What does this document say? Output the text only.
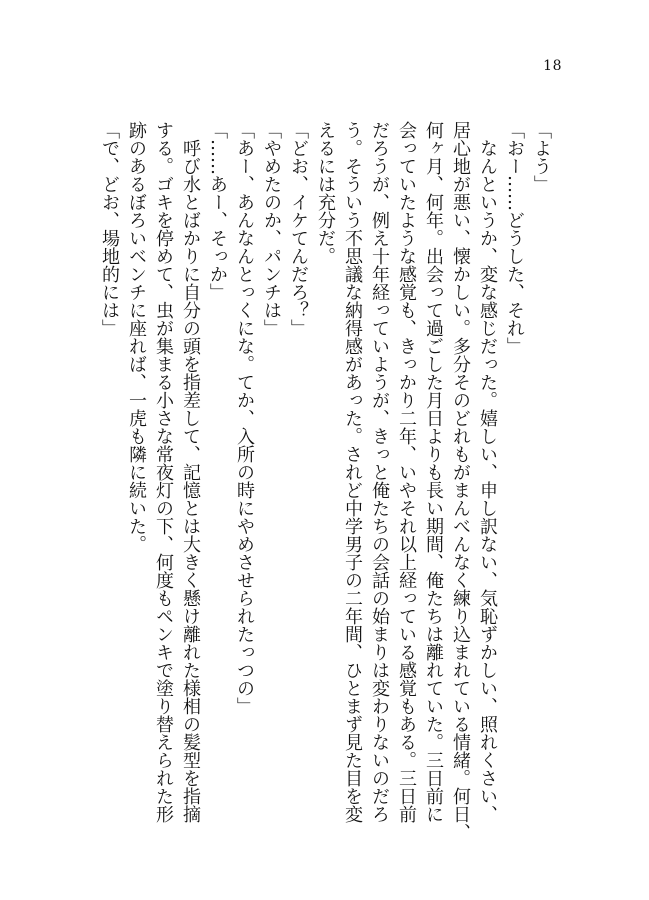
18
「よう」
「おー……どうした、それ」
なんというか、変な感じだった。嬉しい、申し訳ない、気恥ずかしい、照れくさい、
居心地が悪い、懐かしい。多分そのどれもがまんべんなく練り込まれている情緒。何日、
何ヶ月、何年。出会って過ごした月日よりも長い期間、俺たちは離れていた。三日前に
会っていたような感覚も、きっかり二年、いやそれ以上経っている感覚もある。三日前
だろうが、例え十年経っていようが、きっと俺たちの会話の始まりは変わりないのだろ
う。そういう不思議な納得感があった。されど中学男子の二年間、ひとまず見た目を変
えるには充分だ。
「どお、イケてんだろ？」
「やめたのか、パンチは」
「あー、あんなんとっくにな。てか、入所の時にやめさせられたっつの」
「……あー、そっか」
呼び水とばかりに自分の頭を指差して、記憶とは大きく懸け離れた様相の髪型を指摘
する。ゴキを停めて、虫が集まる小さな常夜灯の下、何度もペンキで塗り替えられた形
跡のあるぼろいベンチに座れば、一虎も隣に続いた。
「で、どお、場地的には」
